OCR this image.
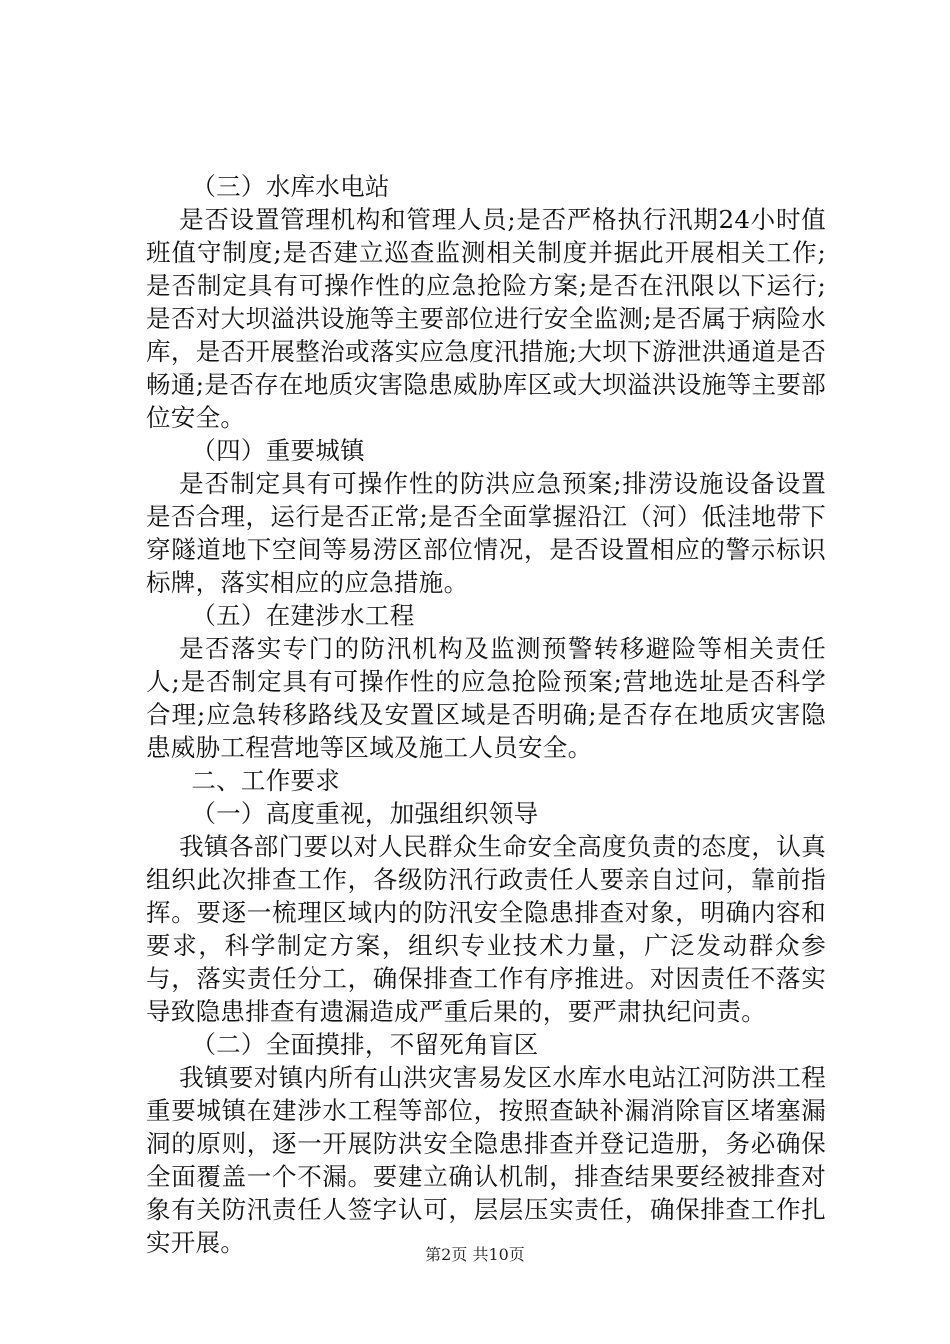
（三）水库水电站

是否设置管理机构和管理人员;是否严格执行汛期24小时值班值守制度;是否建立巡查监测相关制度并据此开展相关工作;是否制定具有可操作性的应急抢险方案;是否在汛限以下运行;是否对大坝溢洪设施等主要部位进行安全监测;是否属于病险水库，是否开展整治或落实应急度汛措施;大坝下游泄洪通道是否畅通;是否存在地质灾害隐患威胁库区或大坝溢洪设施等主要部位安全。

（四）重要城镇

是否制定具有可操作性的防洪应急预案;排涝设施设备设置是否合理，运行是否正常;是否全面掌握沿江（河）低洼地带下穿隧道地下空间等易涝区部位情况，是否设置相应的警示标识标牌，落实相应的应急措施。

（五）在建涉水工程

是否落实专门的防汛机构及监测预警转移避险等相关责任人;是否制定具有可操作性的应急抢险预案;营地选址是否科学合理;应急转移路线及安置区域是否明确;是否存在地质灾害隐患威胁工程营地等区域及施工人员安全。

二、工作要求

（一）高度重视，加强组织领导

我镇各部门要以对人民群众生命安全高度负责的态度，认真组织此次排查工作，各级防汛行政责任人要亲自过问，靠前指挥。要逐一梳理区域内的防汛安全隐患排查对象，明确内容和要求，科学制定方案，组织专业技术力量，广泛发动群众参与，落实责任分工，确保排查工作有序推进。对因责任不落实导致隐患排查有遗漏造成严重后果的，要严肃执纪问责。

（二）全面摸排，不留死角盲区

我镇要对镇内所有山洪灾害易发区水库水电站江河防洪工程重要城镇在建涉水工程等部位，按照查缺补漏消除盲区堵塞漏洞的原则，逐一开展防洪安全隐患排查并登记造册，务必确保全面覆盖一个不漏。要建立确认机制，排查结果要经被排查对象有关防汛责任人签字认可，层层压实责任，确保排查工作扎实开展。	第2页 共10页
